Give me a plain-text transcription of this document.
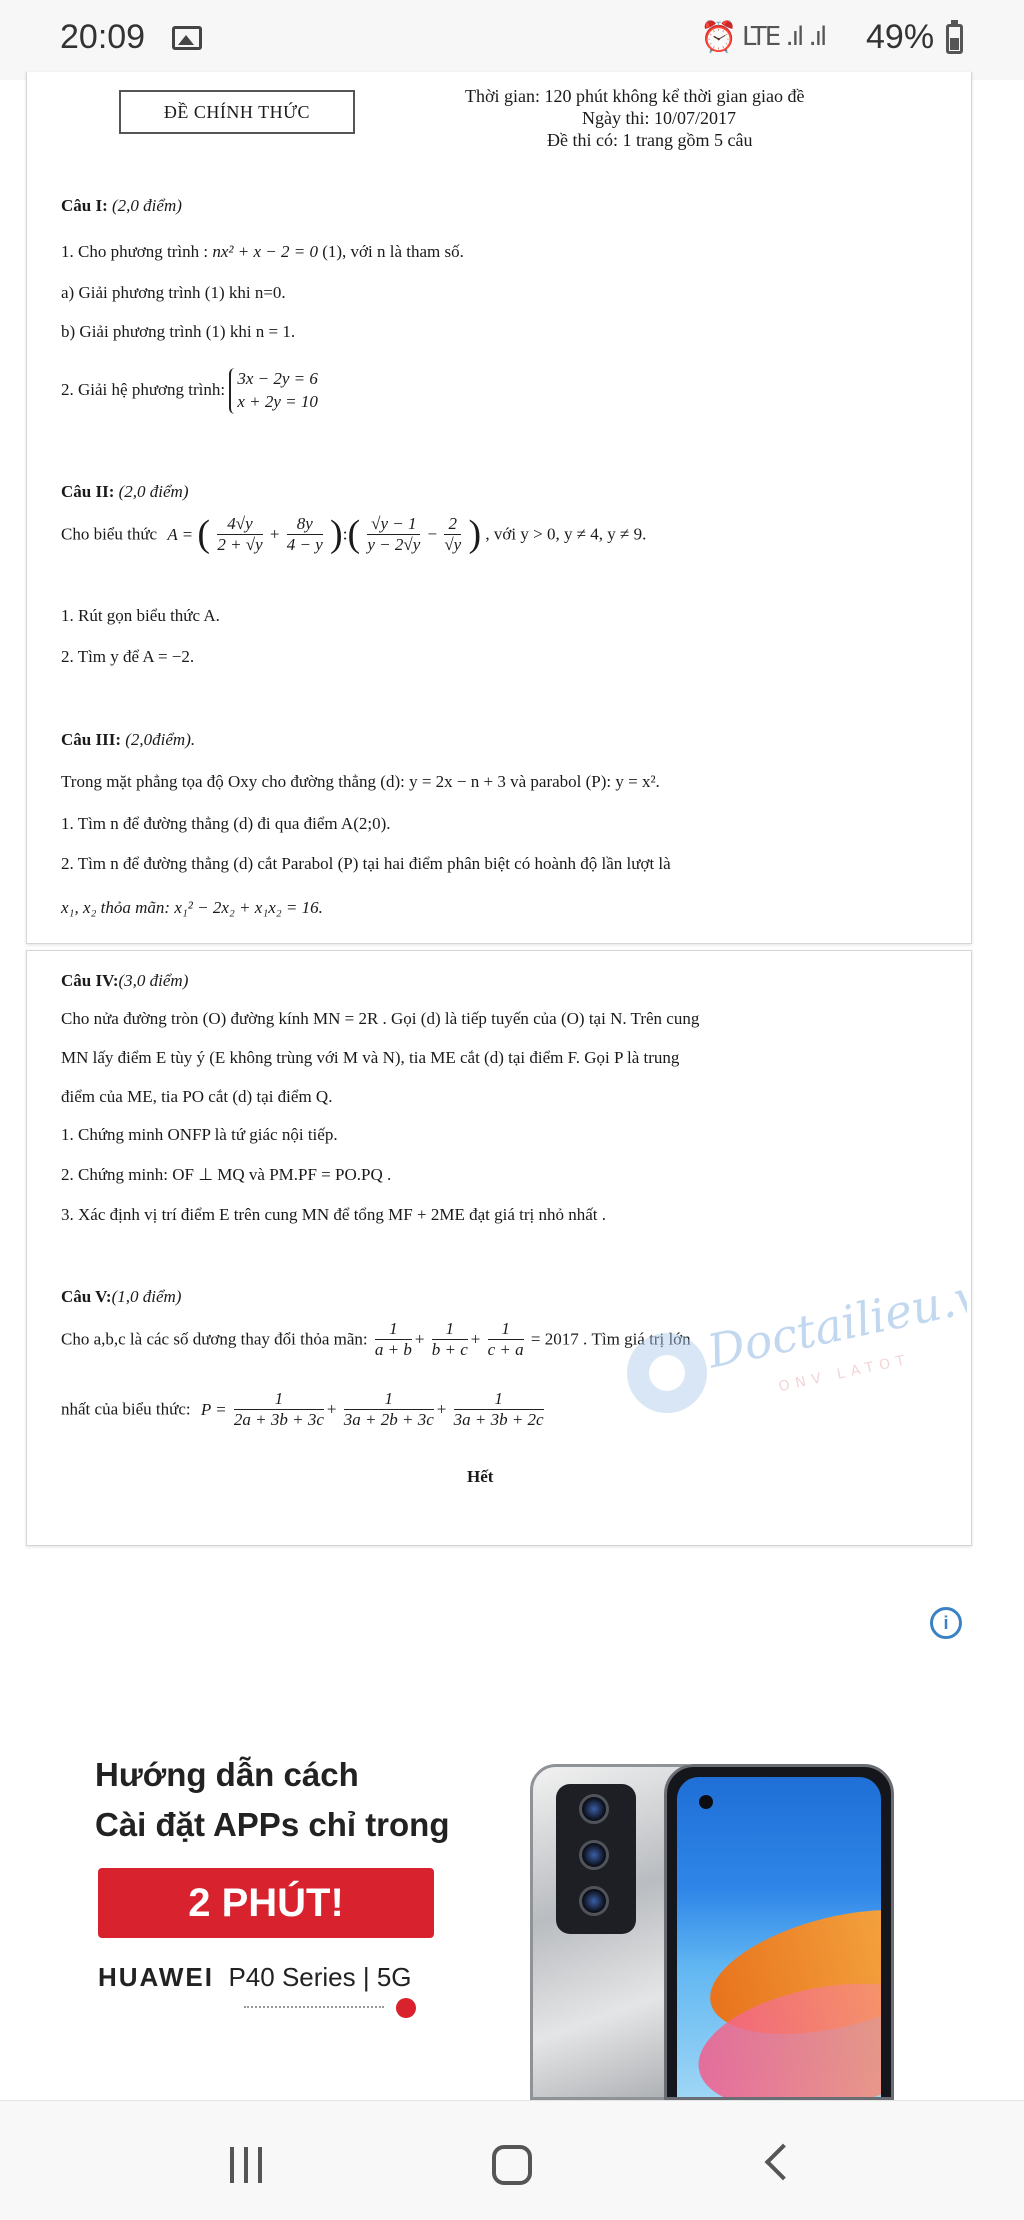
20:09	⏰ LTE .ıl .ıl 49%
ĐỀ CHÍNH THỨC
Thời gian: 120 phút không kể thời gian giao đề
Ngày thi: 10/07/2017
Đề thi có: 1 trang gồm 5 câu
Câu I: (2,0 điểm)
1. Cho phương trình : nx² + x − 2 = 0 (1), với n là tham số.
a) Giải phương trình (1) khi n=0.
b) Giải phương trình (1) khi n = 1.
2. Giải hệ phương trình:
3x − 2y = 6
x + 2y = 10
Câu II: (2,0 điểm)
Cho biểu thức A = ( $\frac{4√y}{2 + √y} + \frac{8y}{4 - y}$ ):( $\frac{√y - 1}{y - 2√y} - \frac{2}{√y}$ ) , với y > 0, y ≠ 4, y ≠ 9.
1. Rút gọn biểu thức A.
2. Tìm y để A = −2.
Câu III: (2,0điểm).
Trong mặt phẳng tọa độ Oxy cho đường thẳng (d): y = 2x − n + 3 và parabol (P): y = x².
1. Tìm n để đường thẳng (d) đi qua điểm A(2;0).
2. Tìm n để đường thẳng (d) cắt Parabol (P) tại hai điểm phân biệt có hoành độ lần lượt là
x₁, x₂ thỏa mãn: x₁² − 2x₂ + x₁x₂ = 16.
Câu IV:(3,0 điểm)
Cho nửa đường tròn (O) đường kính MN = 2R . Gọi (d) là tiếp tuyến của (O) tại N. Trên cung
MN lấy điểm E tùy ý (E không trùng với M và N), tia ME cắt (d) tại điểm F. Gọi P là trung
điểm của ME, tia PO cắt (d) tại điểm Q.
1. Chứng minh ONFP là tứ giác nội tiếp.
2. Chứng minh: OF ⊥ MQ và PM.PF = PO.PQ .
3. Xác định vị trí điểm E trên cung MN để tổng MF + 2ME đạt giá trị nhỏ nhất .
Câu V:(1,0 điểm)
Cho a,b,c là các số dương thay đổi thỏa mãn: $\frac{1}{a + b} + \frac{1}{b + c} + \frac{1}{c + a} = 2017$ . Tìm giá trị lớn
nhất của biểu thức: $P = \frac{1}{2a + 3b + 3c} + \frac{1}{3a + 2b + 3c} + \frac{1}{3a + 3b + 2c}$
Hết
Doctailieu.vn
ONV LATOT
i
Hướng dẫn cách
Cài đặt APPs chỉ trong
2 PHÚT!
HUAWEI P40 Series | 5G
